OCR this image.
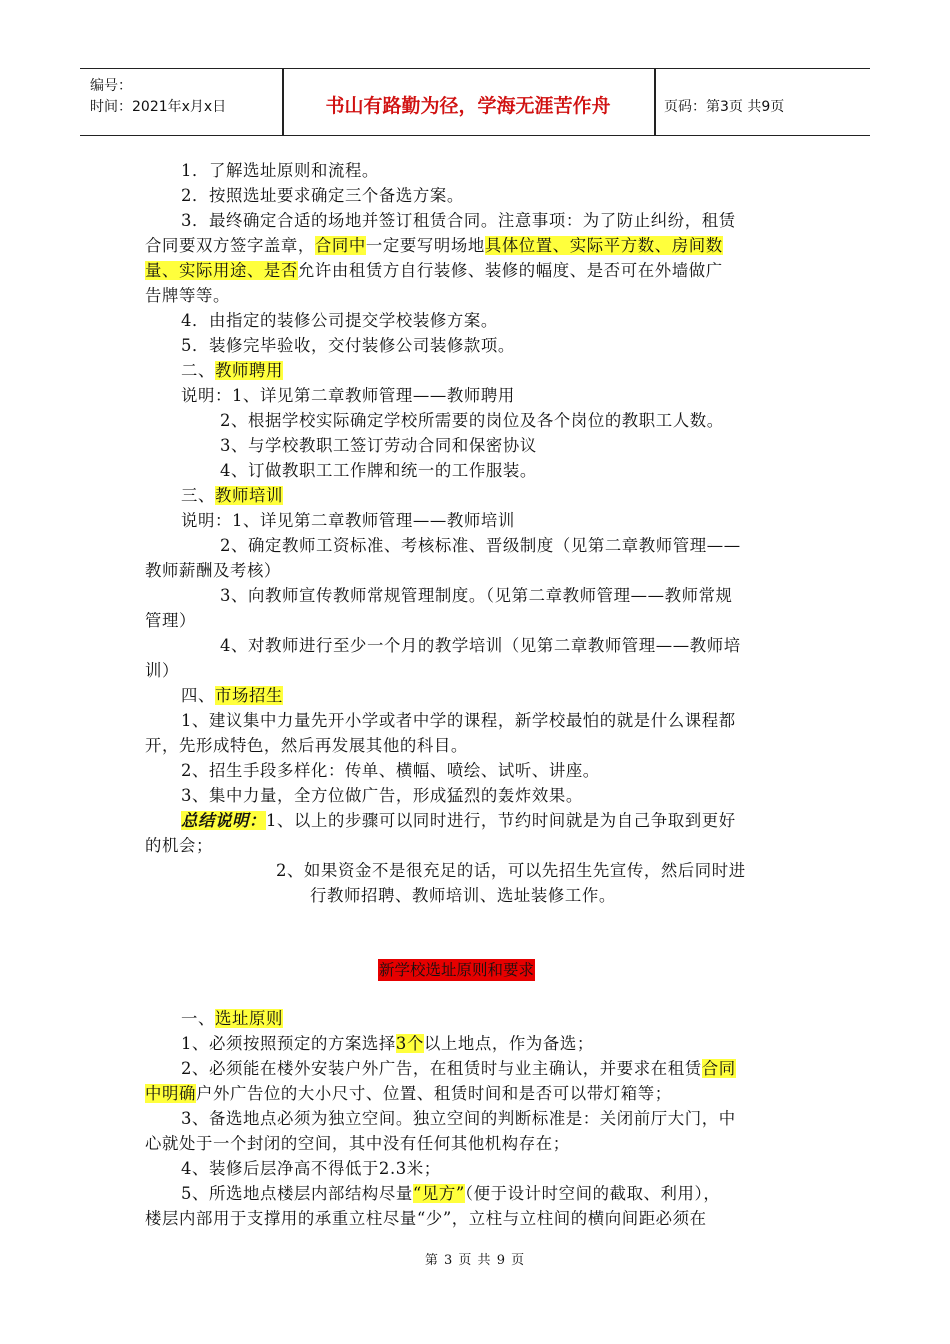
编号：
时间：2021年x月x日	书山有路勤为径，学海无涯苦作舟	页码：第3页 共9页
1．了解选址原则和流程。
2．按照选址要求确定三个备选方案。
3．最终确定合适的场地并签订租赁合同。注意事项：为了防止纠纷，租赁
合同要双方签字盖章，合同中一定要写明场地具体位置、实际平方数、房间数
量、实际用途、是否允许由租赁方自行装修、装修的幅度、是否可在外墙做广
告牌等等。
4．由指定的装修公司提交学校装修方案。
5．装修完毕验收，交付装修公司装修款项。
二、教师聘用
说明：1、详见第二章教师管理——教师聘用
2、根据学校实际确定学校所需要的岗位及各个岗位的教职工人数。
3、与学校教职工签订劳动合同和保密协议
4、订做教职工工作牌和统一的工作服装。
三、教师培训
说明：1、详见第二章教师管理——教师培训
2、确定教师工资标准、考核标准、晋级制度（见第二章教师管理——
教师薪酬及考核）
3、向教师宣传教师常规管理制度。（见第二章教师管理——教师常规
管理）
4、对教师进行至少一个月的教学培训（见第二章教师管理——教师培
训）
四、市场招生
1、建议集中力量先开小学或者中学的课程，新学校最怕的就是什么课程都
开，先形成特色，然后再发展其他的科目。
2、招生手段多样化：传单、横幅、喷绘、试听、讲座。
3、集中力量，全方位做广告，形成猛烈的轰炸效果。
总结说明：1、以上的步骤可以同时进行，节约时间就是为自己争取到更好
的机会；
2、如果资金不是很充足的话，可以先招生先宣传，然后同时进
行教师招聘、教师培训、选址装修工作。
新学校选址原则和要求
一、选址原则
1、必须按照预定的方案选择3个以上地点，作为备选；
2、必须能在楼外安装户外广告，在租赁时与业主确认，并要求在租赁合同
中明确户外广告位的大小尺寸、位置、租赁时间和是否可以带灯箱等；
3、备选地点必须为独立空间。独立空间的判断标准是：关闭前厅大门，中
心就处于一个封闭的空间，其中没有任何其他机构存在；
4、装修后层净高不得低于2.3米；
5、所选地点楼层内部结构尽量“见方”（便于设计时空间的截取、利用），
楼层内部用于支撑用的承重立柱尽量“少”，立柱与立柱间的横向间距必须在
第 3 页 共 9 页
